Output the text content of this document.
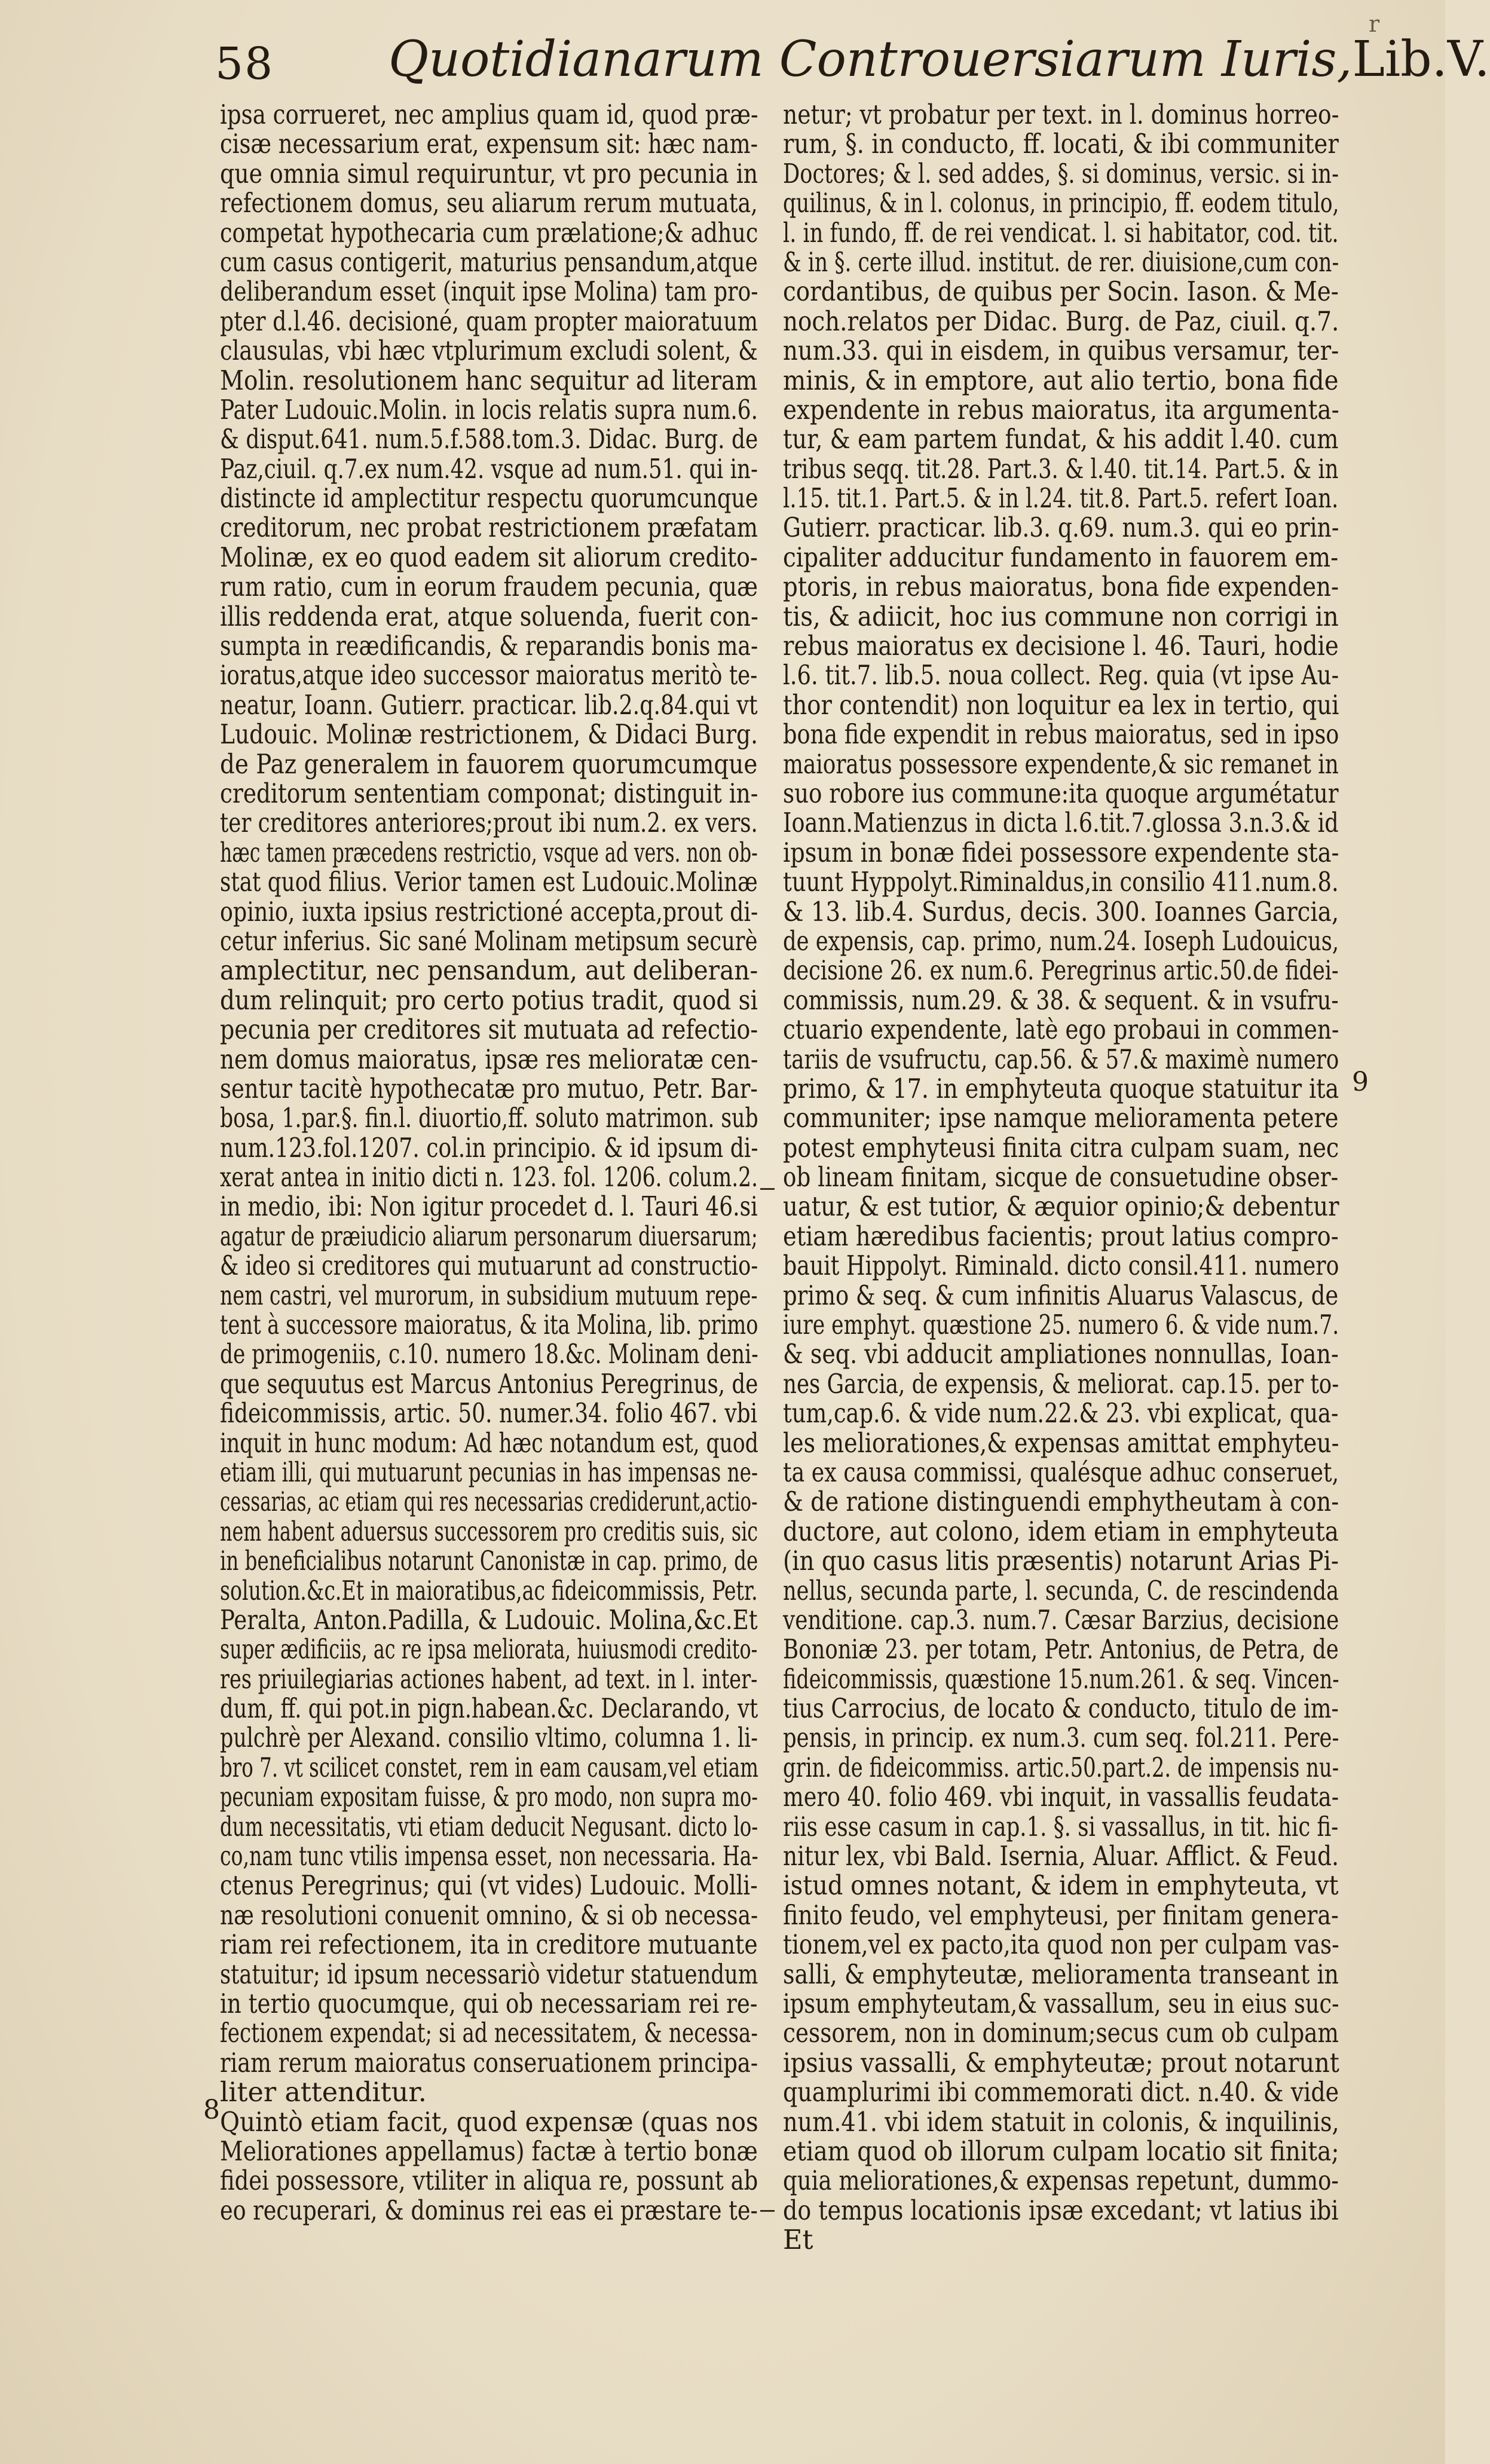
r
58 Quotidianarum Controuersiarum Iuris,Lib.V.
ipsa corrueret, nec amplius quam id, quod præ-
cisæ necessarium erat, expensum sit: hæc nam-
que omnia simul requiruntur, vt pro pecunia in
refectionem domus, seu aliarum rerum mutuata,
competat hypothecaria cum prælatione;& adhuc
cum casus contigerit, maturius pensandum,atque
deliberandum esset (inquit ipse Molina) tam pro-
pter d.l.46. decisioné, quam propter maioratuum
clausulas, vbi hæc vtplurimum excludi solent, &
Molin. resolutionem hanc sequitur ad literam
Pater Ludouic.Molin. in locis relatis supra num.6.
& disput.641. num.5.f.588.tom.3. Didac. Burg. de
Paz,ciuil. q.7.ex num.42. vsque ad num.51. qui in-
distincte id amplectitur respectu quorumcunque
creditorum, nec probat restrictionem præfatam
Molinæ, ex eo quod eadem sit aliorum credito-
rum ratio, cum in eorum fraudem pecunia, quæ
illis reddenda erat, atque soluenda, fuerit con-
sumpta in reædificandis, & reparandis bonis ma-
ioratus,atque ideo successor maioratus meritò te-
neatur, Ioann. Gutierr. practicar. lib.2.q.84.qui vt
Ludouic. Molinæ restrictionem, & Didaci Burg.
de Paz generalem in fauorem quorumcumque
creditorum sententiam componat; distinguit in-
ter creditores anteriores;prout ibi num.2. ex vers.
hæc tamen præcedens restrictio, vsque ad vers. non ob-
stat quod filius. Verior tamen est Ludouic.Molinæ
opinio, iuxta ipsius restrictioné accepta,prout di-
cetur inferius. Sic sané Molinam metipsum securè
amplectitur, nec pensandum, aut deliberan-
dum relinquit; pro certo potius tradit, quod si
pecunia per creditores sit mutuata ad refectio-
nem domus maioratus, ipsæ res melioratæ cen-
sentur tacitè hypothecatæ pro mutuo, Petr. Bar-
bosa, 1.par.§. fin.l. diuortio,ff. soluto matrimon. sub
num.123.fol.1207. col.in principio. & id ipsum di-
xerat antea in initio dicti n. 123. fol. 1206. colum.2.
in medio, ibi: Non igitur procedet d. l. Tauri 46.si
agatur de præiudicio aliarum personarum diuersarum;
& ideo si creditores qui mutuarunt ad constructio-
nem castri, vel murorum, in subsidium mutuum repe-
tent à successore maioratus, & ita Molina, lib. primo
de primogeniis, c.10. numero 18.&c. Molinam deni-
que sequutus est Marcus Antonius Peregrinus, de
fideicommissis, artic. 50. numer.34. folio 467. vbi
inquit in hunc modum: Ad hæc notandum est, quod
etiam illi, qui mutuarunt pecunias in has impensas ne-
cessarias, ac etiam qui res necessarias crediderunt,actio-
nem habent aduersus successorem pro creditis suis, sic
in beneficialibus notarunt Canonistæ in cap. primo, de
solution.&c.Et in maioratibus,ac fideicommissis, Petr.
Peralta, Anton.Padilla, & Ludouic. Molina,&c.Et
super ædificiis, ac re ipsa meliorata, huiusmodi credito-
res priuilegiarias actiones habent, ad text. in l. inter-
dum, ff. qui pot.in pign.habean.&c. Declarando, vt
pulchrè per Alexand. consilio vltimo, columna 1. li-
bro 7. vt scilicet constet, rem in eam causam,vel etiam
pecuniam expositam fuisse, & pro modo, non supra mo-
dum necessitatis, vti etiam deducit Negusant. dicto lo-
co,nam tunc vtilis impensa esset, non necessaria. Ha-
ctenus Peregrinus; qui (vt vides) Ludouic. Molli-
næ resolutioni conuenit omnino, & si ob necessa-
riam rei refectionem, ita in creditore mutuante
statuitur; id ipsum necessariò videtur statuendum
in tertio quocumque, qui ob necessariam rei re-
fectionem expendat; si ad necessitatem, & necessa-
riam rerum maioratus conseruationem principa-
liter attenditur.
Quintò etiam facit, quod expensæ (quas nos
Meliorationes appellamus) factæ à tertio bonæ
fidei possessore, vtiliter in aliqua re, possunt ab
eo recuperari, & dominus rei eas ei præstare te-
netur; vt probatur per text. in l. dominus horreo-
rum, §. in conducto, ff. locati, & ibi communiter
Doctores; & l. sed addes, §. si dominus, versic. si in-
quilinus, & in l. colonus, in principio, ff. eodem titulo,
l. in fundo, ff. de rei vendicat. l. si habitator, cod. tit.
& in §. certe illud. institut. de rer. diuisione,cum con-
cordantibus, de quibus per Socin. Iason. & Me-
noch.relatos per Didac. Burg. de Paz, ciuil. q.7.
num.33. qui in eisdem, in quibus versamur, ter-
minis, & in emptore, aut alio tertio, bona fide
expendente in rebus maioratus, ita argumenta-
tur, & eam partem fundat, & his addit l.40. cum
tribus seqq. tit.28. Part.3. & l.40. tit.14. Part.5. & in
l.15. tit.1. Part.5. & in l.24. tit.8. Part.5. refert Ioan.
Gutierr. practicar. lib.3. q.69. num.3. qui eo prin-
cipaliter adducitur fundamento in fauorem em-
ptoris, in rebus maioratus, bona fide expenden-
tis, & adiicit, hoc ius commune non corrigi in
rebus maioratus ex decisione l. 46. Tauri, hodie
l.6. tit.7. lib.5. noua collect. Reg. quia (vt ipse Au-
thor contendit) non loquitur ea lex in tertio, qui
bona fide expendit in rebus maioratus, sed in ipso
maioratus possessore expendente,& sic remanet in
suo robore ius commune:ita quoque argumétatur
Ioann.Matienzus in dicta l.6.tit.7.glossa 3.n.3.& id
ipsum in bonæ fidei possessore expendente sta-
tuunt Hyppolyt.Riminaldus,in consilio 411.num.8.
& 13. lib.4. Surdus, decis. 300. Ioannes Garcia,
de expensis, cap. primo, num.24. Ioseph Ludouicus,
decisione 26. ex num.6. Peregrinus artic.50.de fidei-
commissis, num.29. & 38. & sequent. & in vsufru-
ctuario expendente, latè ego probaui in commen-
tariis de vsufructu, cap.56. & 57.& maximè numero
primo, & 17. in emphyteuta quoque statuitur ita
communiter; ipse namque melioramenta petere
potest emphyteusi finita citra culpam suam, nec
ob lineam finitam, sicque de consuetudine obser-
uatur, & est tutior, & æquior opinio;& debentur
etiam hæredibus facientis; prout latius compro-
bauit Hippolyt. Riminald. dicto consil.411. numero
primo & seq. & cum infinitis Aluarus Valascus, de
iure emphyt. quæstione 25. numero 6. & vide num.7.
& seq. vbi adducit ampliationes nonnullas, Ioan-
nes Garcia, de expensis, & meliorat. cap.15. per to-
tum,cap.6. & vide num.22.& 23. vbi explicat, qua-
les meliorationes,& expensas amittat emphyteu-
ta ex causa commissi, qualésque adhuc conseruet,
& de ratione distinguendi emphytheutam à con-
ductore, aut colono, idem etiam in emphyteuta
(in quo casus litis præsentis) notarunt Arias Pi-
nellus, secunda parte, l. secunda, C. de rescindenda
venditione. cap.3. num.7. Cæsar Barzius, decisione
Bononiæ 23. per totam, Petr. Antonius, de Petra, de
fideicommissis, quæstione 15.num.261. & seq. Vincen-
tius Carrocius, de locato & conducto, titulo de im-
pensis, in princip. ex num.3. cum seq. fol.211. Pere-
grin. de fideicommiss. artic.50.part.2. de impensis nu-
mero 40. folio 469. vbi inquit, in vassallis feudata-
riis esse casum in cap.1. §. si vassallus, in tit. hic fi-
nitur lex, vbi Bald. Isernia, Aluar. Afflict. & Feud.
istud omnes notant, & idem in emphyteuta, vt
finito feudo, vel emphyteusi, per finitam genera-
tionem,vel ex pacto,ita quod non per culpam vas-
salli, & emphyteutæ, melioramenta transeant in
ipsum emphyteutam,& vassallum, seu in eius suc-
cessorem, non in dominum;secus cum ob culpam
ipsius vassalli, & emphyteutæ; prout notarunt
quamplurimi ibi commemorati dict. n.40. & vide
num.41. vbi idem statuit in colonis, & inquilinis,
etiam quod ob illorum culpam locatio sit finita;
quia meliorationes,& expensas repetunt, dummo-
do tempus locationis ipsæ excedant; vt latius ibi
Et
8
9
